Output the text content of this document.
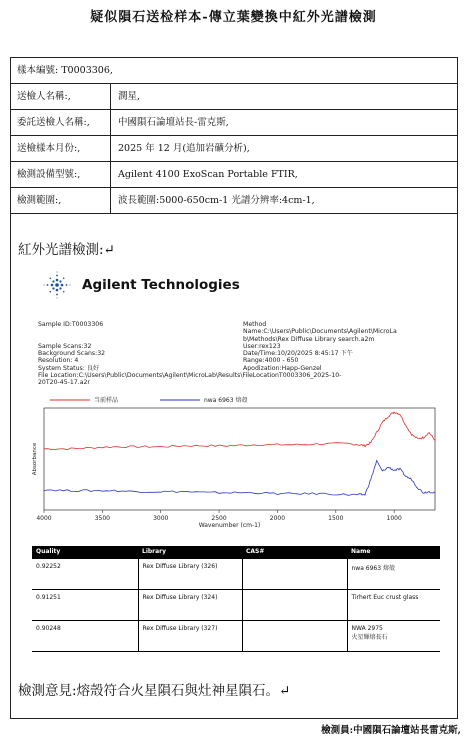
疑似隕石送检样本-傳立葉變換中紅外光譜檢測
樣本編號: T0003306,
送檢人名稱:,	潤星,
委託送檢人名稱:,	中國隕石論壇站長-雷克斯,
送檢樣本月份:,	2025 年 12 月(追加岩礦分析),
檢測設備型號:,	Agilent 4100 ExoScan Portable FTIR,
檢測範圍:,	波長範圍:5000-650cm-1 光譜分辨率:4cm-1,
紅外光譜檢測:↵
Agilent Technologies
Sample ID:T0003306
Sample Scans:32
Background Scans:32
Resolution: 4
System Status: 良好
File Location:C:\Users\Public\Documents\Agilent\MicroLab\Results\FileLocationT0003306_2025-10-
20T20-45-17.a2r
Method
Name:C:\Users\Public\Documents\Agilent\MicroLa
b\Methods\Rex Diffuse Library search.a2m
User:rex123
Date/Time:10/20/2025 8:45:17 下午
Range:4000 - 650
Apodization:Happ-Genzel
4000	3500	3000	2500	2000	1500	1000
Wavenumber (cm-1)
Absorbance
当前样品	nwa 6963 熔殻
Quality	Library	CAS#	Name
0.92252	Rex Diffuse Library (326)		nwa 6963 熔殻
0.91251	Rex Diffuse Library (324)		Tirhert Euc crust glass
0.90248	Rex Diffuse Library (327)		NWA 2975
火星輝熔長石
檢測意見:熔殼符合火星隕石與灶神星隕石。↵
檢測員:中國隕石論壇站長雷克斯,
